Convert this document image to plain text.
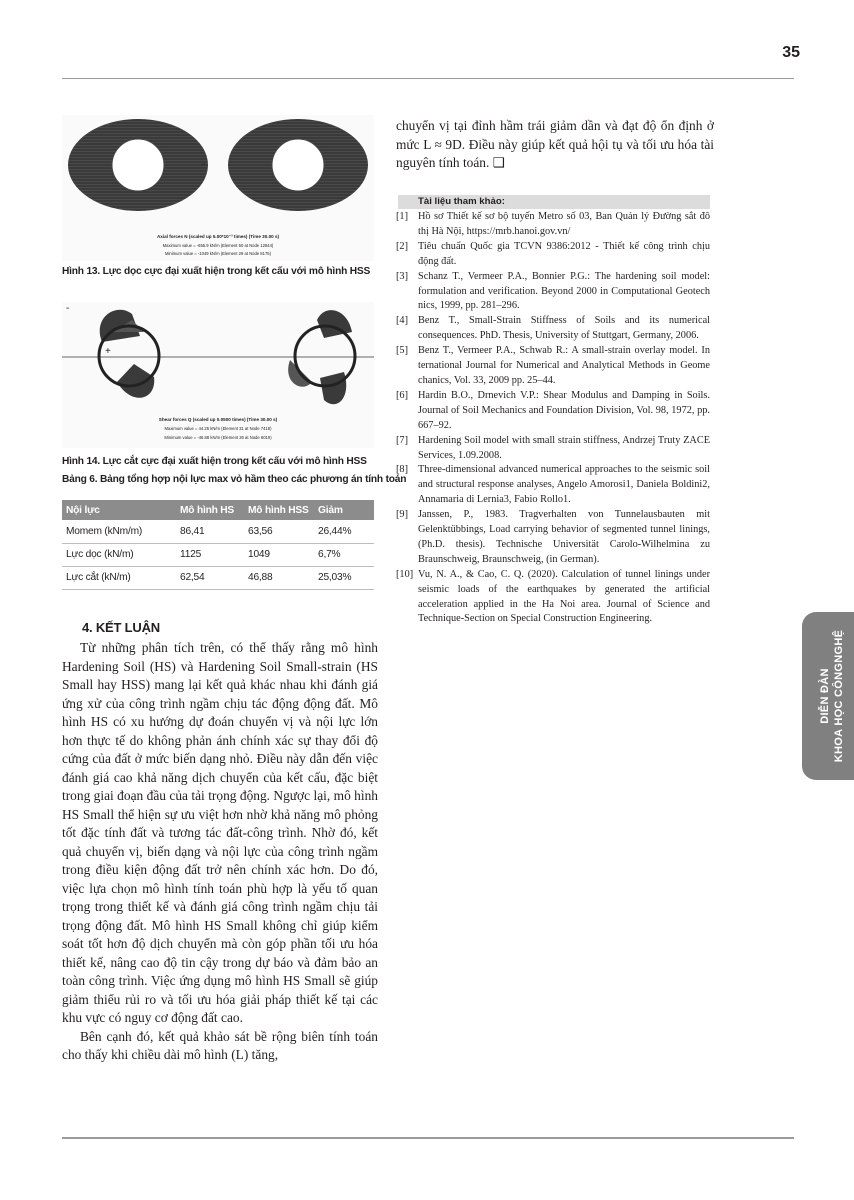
35
DIỄN ĐÀN KHOA HỌC CÔNGNGHỆ
-
Axial forces N (scaled up 5.00*10⁻³ times) (Time 30.00 s)
Maximum value = -655.9 kN/m (Element 50 at Node 12844)
Minimum value = -1049 kN/m (Element 29 at Node 8175)
Hình 13. Lực dọc cực đại xuất hiện trong kết cấu với mô hình HSS
-
+
Shear forces Q (scaled up 0.0500 times) (Time 30.00 s)
Maximum value = 44.25 kN/m (Element 31 at Node 7418)
Minimum value = -46.88 kN/m (Element 26 at Node 6019)
Hình 14. Lực cắt cực đại xuất hiện trong kết cấu với mô hình HSS
Bảng 6. Bảng tổng hợp nội lực max vỏ hầm theo các phương án tính toán
Nội lực	Mô hình HS	Mô hình HSS	Giảm
Momem (kNm/m)	86,41	63,56	26,44%
Lực dọc (kN/m)	1125	1049	6,7%
Lực cắt (kN/m)	62,54	46,88	25,03%
4. KẾT LUẬN

Từ những phân tích trên, có thể thấy rằng mô hình Hardening Soil (HS) và Hardening Soil Small-strain (HS Small hay HSS) mang lại kết quả khác nhau khi đánh giá ứng xử của công trình ngầm chịu tác động động đất. Mô hình HS có xu hướng dự đoán chuyển vị và nội lực lớn hơn thực tế do không phản ánh chính xác sự thay đổi độ cứng của đất ở mức biến dạng nhỏ. Điều này dẫn đến việc đánh giá cao khả năng dịch chuyển của kết cấu, đặc biệt trong giai đoạn đầu của tải trọng động. Ngược lại, mô hình HS Small thể hiện sự ưu việt hơn nhờ khả năng mô phỏng tốt đặc tính đất và tương tác đất-công trình. Nhờ đó, kết quả chuyển vị, biến dạng và nội lực của công trình ngầm trong điều kiện động đất trở nên chính xác hơn. Do đó, việc lựa chọn mô hình tính toán phù hợp là yếu tố quan trọng trong thiết kế và đánh giá công trình ngầm chịu tải trọng động đất. Mô hình HS Small không chỉ giúp kiểm soát tốt hơn độ dịch chuyển mà còn góp phần tối ưu hóa thiết kế, nâng cao độ tin cậy trong dự báo và đảm bảo an toàn công trình. Việc ứng dụng mô hình HS Small sẽ giúp giảm thiểu rủi ro và tối ưu hóa giải pháp thiết kế tại các khu vực có nguy cơ động đất cao.

Bên cạnh đó, kết quả khảo sát bề rộng biên tính toán cho thấy khi chiều dài mô hình (L) tăng,

chuyển vị tại đỉnh hầm trái giảm dần và đạt độ ổn định ở mức L ≈ 9D. Điều này giúp kết quả hội tụ và tối ưu hóa tài nguyên tính toán. ❑
Tài liệu tham khảo:
[1] Hồ sơ Thiết kế sơ bộ tuyến Metro số 03, Ban Quản lý Đường sắt đô thị Hà Nội, https://mrb.hanoi.gov.vn/
[2] Tiêu chuẩn Quốc gia TCVN 9386:2012 - Thiết kế công trình chịu động đất.
[3] Schanz T., Vermeer P.A., Bonnier P.G.: The hardening soil model: formulation and verification. Beyond 2000 in Computational Geotech nics, 1999, pp. 281–296.
[4] Benz T., Small-Strain Stiffness of Soils and its numerical consequences. PhD. Thesis, University of Stuttgart, Germany, 2006.
[5] Benz T., Vermeer P.A., Schwab R.: A small-strain overlay model. In ternational Journal for Numerical and Analytical Methods in Geome chanics, Vol. 33, 2009 pp. 25–44.
[6] Hardin B.O., Drnevich V.P.: Shear Modulus and Damping in Soils. Journal of Soil Mechanics and Foundation Division, Vol. 98, 1972, pp. 667–92.
[7] Hardening Soil model with small strain stiffness, Andrzej Truty ZACE Services, 1.09.2008.
[8] Three-dimensional advanced numerical approaches to the seismic soil and structural response analyses, Angelo Amorosi1, Daniela Boldini2, Annamaria di Lernia3, Fabio Rollo1.
[9] Janssen, P., 1983. Tragverhalten von Tunnelausbauten mit Gelenktübbings, Load carrying behavior of segmented tunnel linings, (Ph.D. thesis). Technische Universität Carolo-Wilhelmina zu Braunschweig, Braunschweig, (in German).
[10] Vu, N. A., & Cao, C. Q. (2020). Calculation of tunnel linings under seismic loads of the earthquakes by generated the artificial acceleration applied in the Ha Noi area. Journal of Science and Technique-Section on Special Construction Engineering.
